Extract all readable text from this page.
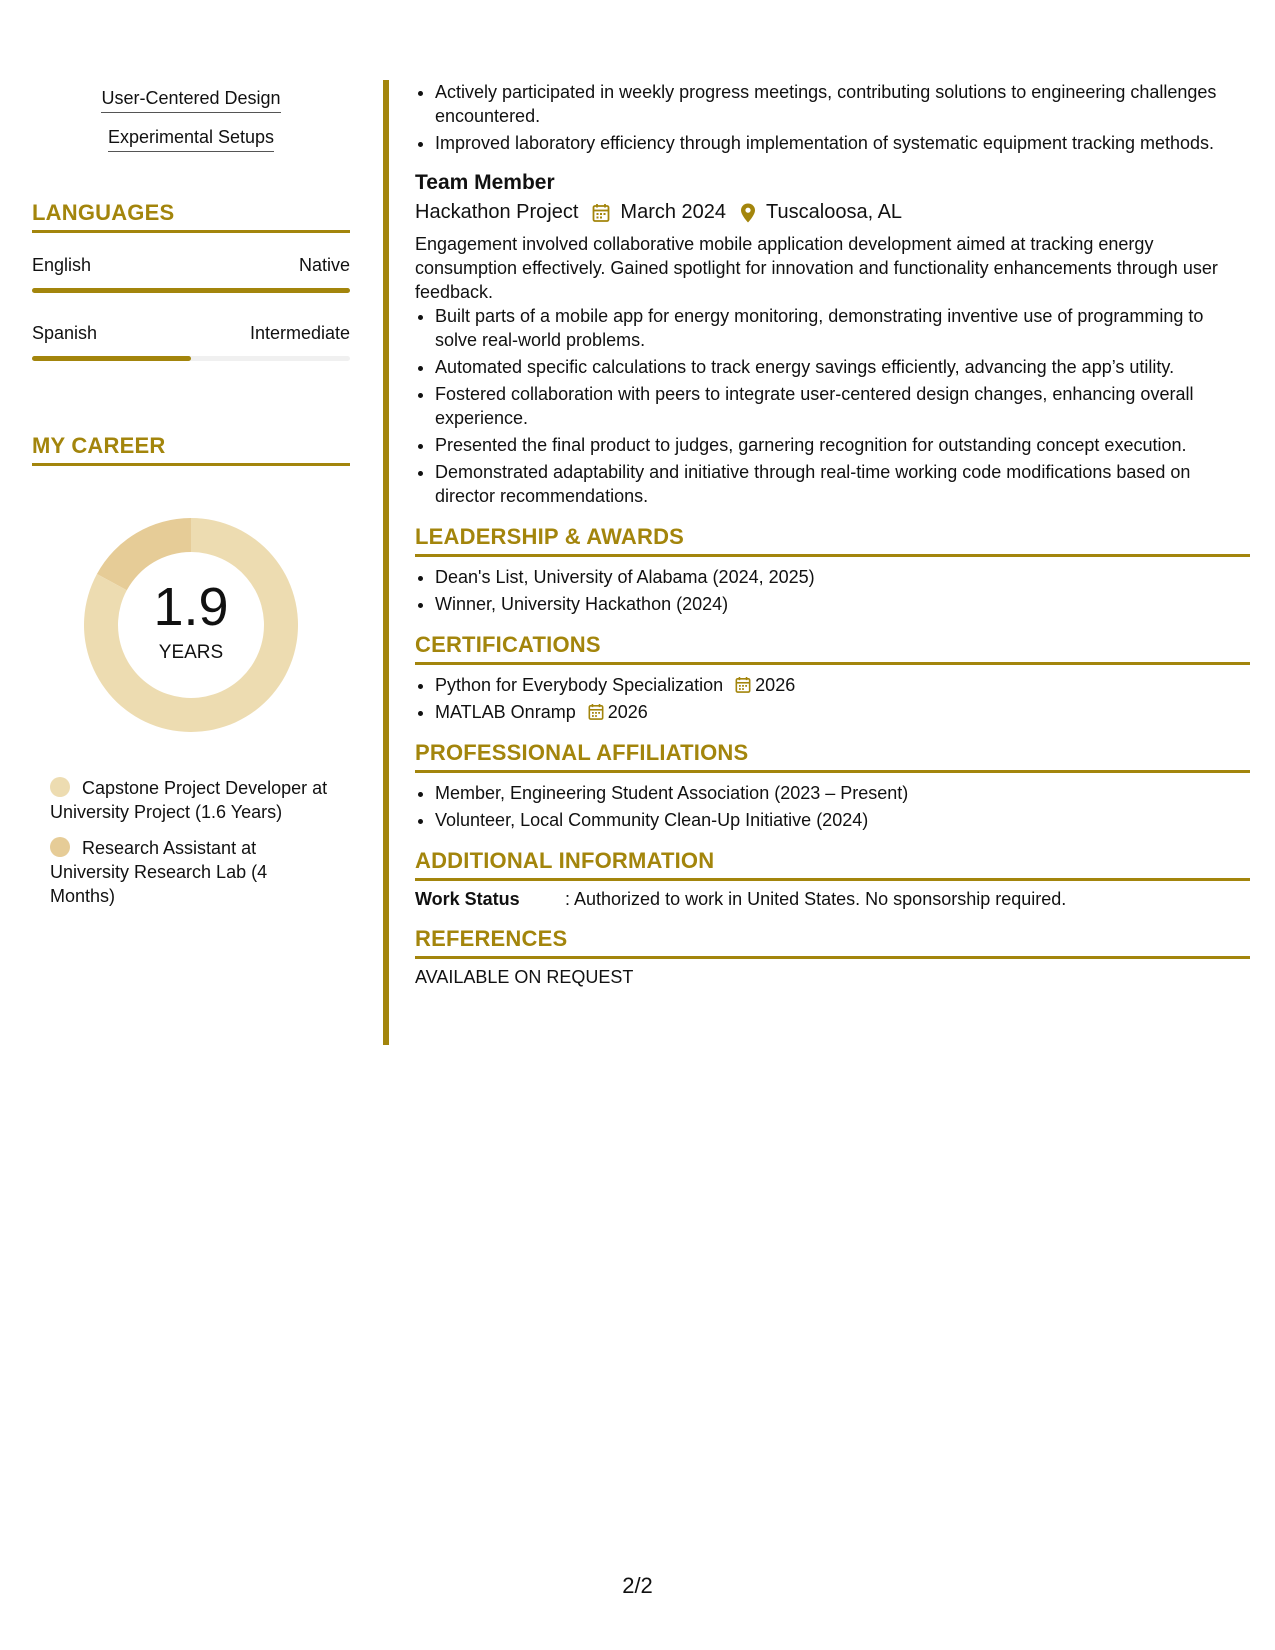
User-Centered Design
Experimental Setups
LANGUAGES
English	Native
Spanish	Intermediate
MY CAREER
1.9
YEARS
Capstone Project Developer at University Project (1.6 Years)
Research Assistant at University Research Lab (4 Months)
• Actively participated in weekly progress meetings, contributing solutions to engineering challenges encountered.
• Improved laboratory efficiency through implementation of systematic equipment tracking methods.
Team Member
Hackathon Project March 2024 Tuscaloosa, AL
Engagement involved collaborative mobile application development aimed at tracking energy consumption effectively. Gained spotlight for innovation and functionality enhancements through user feedback.
• Built parts of a mobile app for energy monitoring, demonstrating inventive use of programming to solve real-world problems.
• Automated specific calculations to track energy savings efficiently, advancing the app’s utility.
• Fostered collaboration with peers to integrate user-centered design changes, enhancing overall experience.
• Presented the final product to judges, garnering recognition for outstanding concept execution.
• Demonstrated adaptability and initiative through real-time working code modifications based on director recommendations.
LEADERSHIP & AWARDS
• Dean's List, University of Alabama (2024, 2025)
• Winner, University Hackathon (2024)
CERTIFICATIONS
• Python for Everybody Specialization 2026
• MATLAB Onramp 2026
PROFESSIONAL AFFILIATIONS
• Member, Engineering Student Association (2023 – Present)
• Volunteer, Local Community Clean-Up Initiative (2024)
ADDITIONAL INFORMATION
Work Status	: Authorized to work in United States. No sponsorship required.
REFERENCES
AVAILABLE ON REQUEST
2/2
